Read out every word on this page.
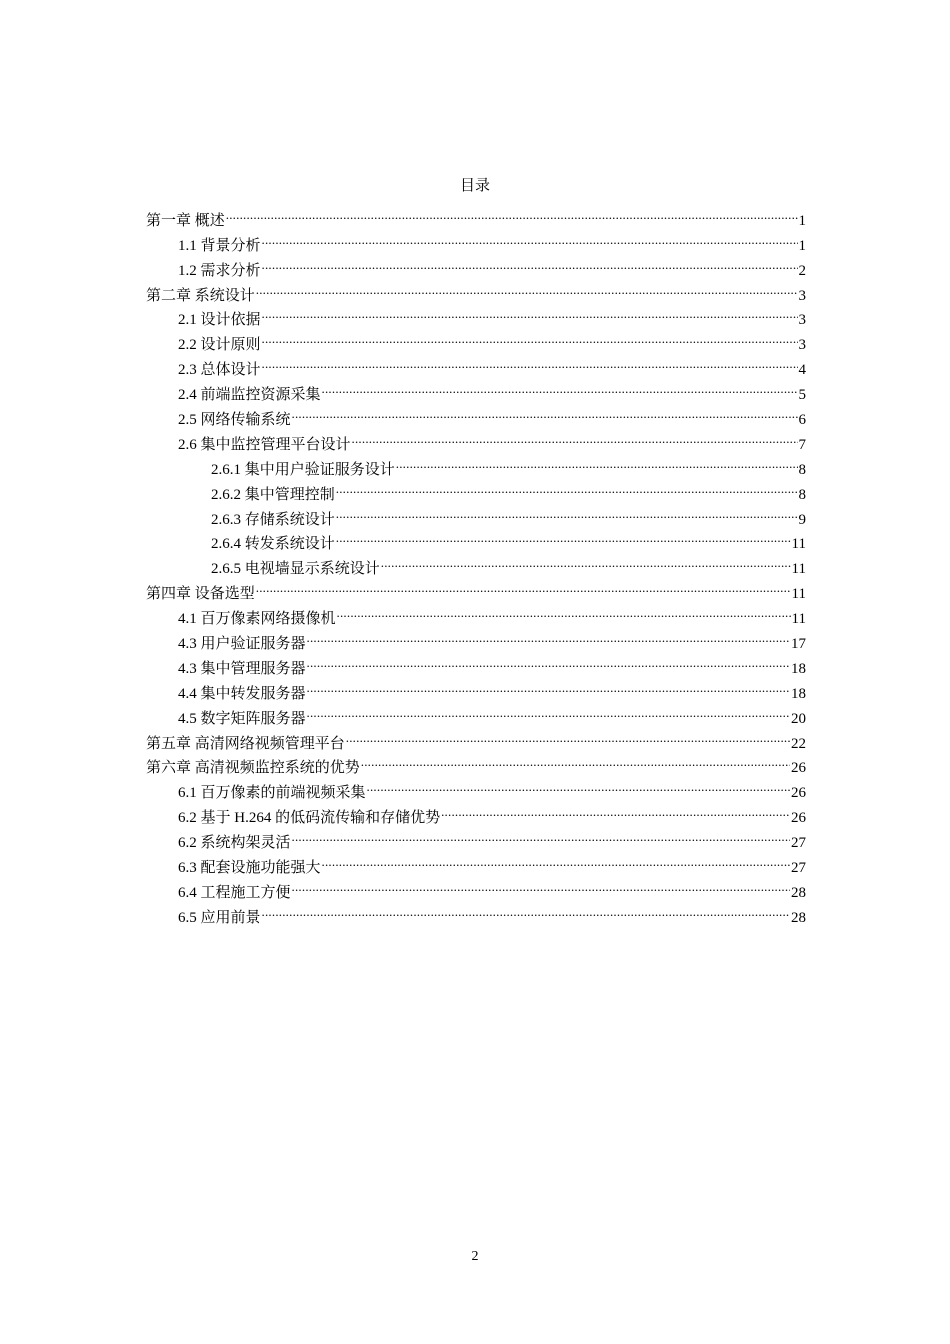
目录
第一章 概述 .....	1
1.1 背景分析 .....	1
1.2 需求分析 .....	2
第二章 系统设计 .....	3
2.1 设计依据 .....	3
2.2 设计原则 .....	3
2.3 总体设计 .....	4
2.4 前端监控资源采集 .....	5
2.5 网络传输系统 .....	6
2.6 集中监控管理平台设计 .....	7
2.6.1 集中用户验证服务设计 .....	8
2.6.2 集中管理控制 .....	8
2.6.3 存储系统设计 .....	9
2.6.4 转发系统设计 .....	11
2.6.5 电视墙显示系统设计 .....	11
第四章 设备选型 .....	11
4.1 百万像素网络摄像机 .....	11
4.3 用户验证服务器 .....	17
4.3 集中管理服务器 .....	18
4.4 集中转发服务器 .....	18
4.5 数字矩阵服务器 .....	20
第五章 高清网络视频管理平台 .....	22
第六章 高清视频监控系统的优势 .....	26
6.1 百万像素的前端视频采集 .....	26
6.2 基于 H.264 的低码流传输和存储优势 .....	26
6.2 系统构架灵活 .....	27
6.3 配套设施功能强大 .....	27
6.4 工程施工方便 .....	28
6.5 应用前景 .....	28
2
